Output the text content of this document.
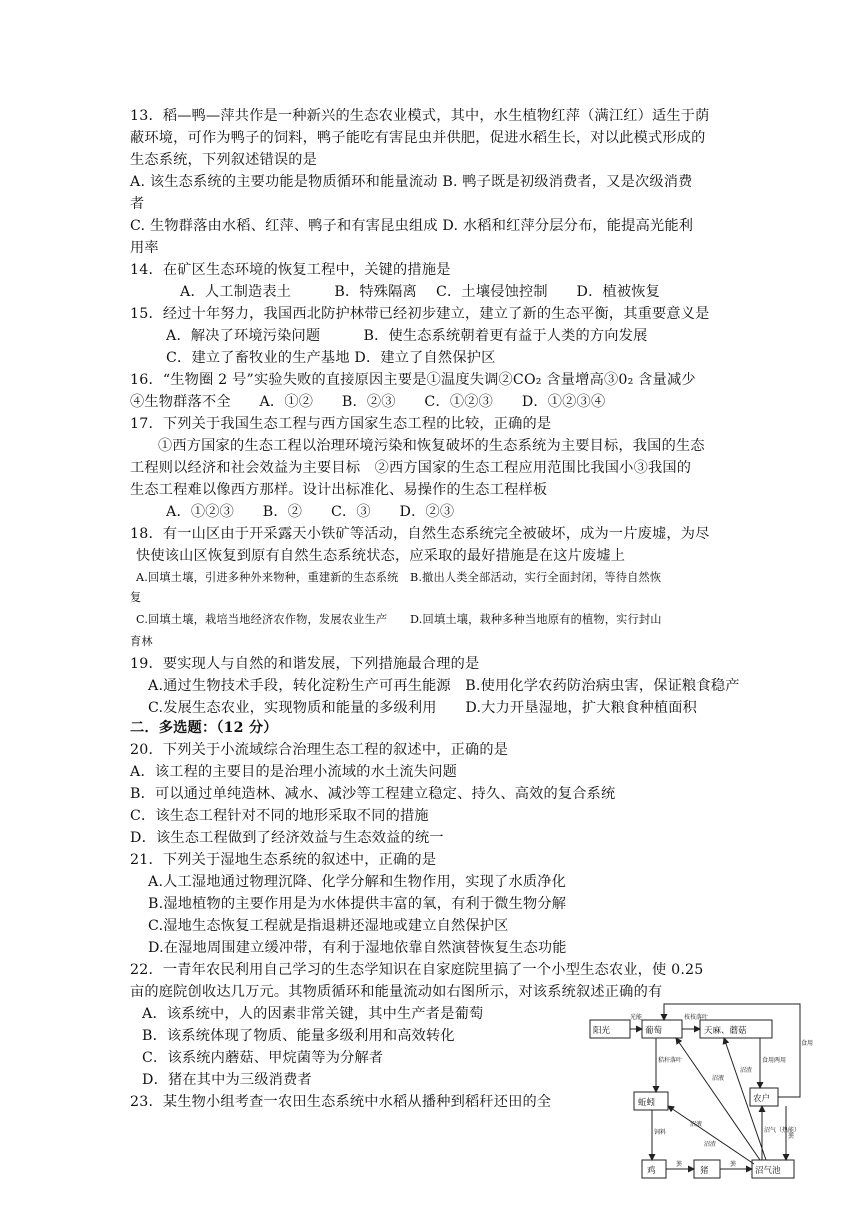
13．稻—鸭—萍共作是一种新兴的生态农业模式，其中，水生植物红萍（满江红）适生于荫
蔽环境，可作为鸭子的饲料，鸭子能吃有害昆虫并供肥，促进水稻生长，对以此模式形成的
生态系统，下列叙述错误的是
A. 该生态系统的主要功能是物质循环和能量流动 B. 鸭子既是初级消费者，又是次级消费
者
C. 生物群落由水稻、红萍、鸭子和有害昆虫组成 D. 水稻和红萍分层分布，能提高光能利
用率
14．在矿区生态环境的恢复工程中，关键的措施是
A．人工制造表土　　　B．特殊隔离　 C．土壤侵蚀控制　　D．植被恢复
15．经过十年努力，我国西北防护林带已经初步建立，建立了新的生态平衡，其重要意义是
A．解决了环境污染问题　　　B．使生态系统朝着更有益于人类的方向发展
C．建立了畜牧业的生产基地 D．建立了自然保护区
16．“生物圈 2 号”实验失败的直接原因主要是①温度失调②CO₂ 含量增高③0₂ 含量减少
④生物群落不全　　A．①②　　B．②③　　C．①②③　　D．①②③④
17．下列关于我国生态工程与西方国家生态工程的比较，正确的是
①西方国家的生态工程以治理环境污染和恢复破坏的生态系统为主要目标，我国的生态
工程则以经济和社会效益为主要目标　②西方国家的生态工程应用范围比我国小③我国的
生态工程难以像西方那样。设计出标准化、易操作的生态工程样板
A．①②③　　B．②　　C．③　　D．②③
18．有一山区由于开采露天小铁矿等活动，自然生态系统完全被破坏，成为一片废墟，为尽
快使该山区恢复到原有自然生态系统状态，应采取的最好措施是在这片废墟上
A.回填土壤，引进多种外来物种，重建新的生态系统　B.撤出人类全部活动，实行全面封闭，等待自然恢
复
C.回填土壤，栽培当地经济农作物，发展农业生产　　D.回填土壤，栽种多种当地原有的植物，实行封山
育林
19．要实现人与自然的和谐发展，下列措施最合理的是
A.通过生物技术手段，转化淀粉生产可再生能源　B.使用化学农药防治病虫害，保证粮食稳产
C.发展生态农业，实现物质和能量的多级利用　　D.大力开垦湿地，扩大粮食种植面积
二．多选题：（12 分）
20．下列关于小流域综合治理生态工程的叙述中，正确的是
A．该工程的主要目的是治理小流域的水土流失问题
B．可以通过单纯造林、减水、减沙等工程建立稳定、持久、高效的复合系统
C．该生态工程针对不同的地形采取不同的措施
D．该生态工程做到了经济效益与生态效益的统一
21．下列关于湿地生态系统的叙述中，正确的是
A.人工湿地通过物理沉降、化学分解和生物作用，实现了水质净化
B.湿地植物的主要作用是为水体提供丰富的氧，有利于微生物分解
C.湿地生态恢复工程就是指退耕还湿地或建立自然保护区
D.在湿地周围建立缓冲带，有利于湿地依靠自然演替恢复生态功能
22．一青年农民利用自己学习的生态学知识在自家庭院里搞了一个小型生态农业，使 0.25
亩的庭院创收达几万元。其物质循环和能量流动如右图所示，对该系统叙述正确的有
A．该系统中，人的因素非常关键，其中生产者是葡萄
B．该系统体现了物质、能量多级利用和高效转化
C．该系统内蘑菇、甲烷菌等为分解者
D．猪在其中为三级消费者
23．某生物小组考查一农田生态系统中水稻从播种到稻秆还田的全
阳光	葡萄	天麻、蘑菇
农户
蚯蚓
鸡	猪	沼气池
光能	枝枝落叶
食用两用
食用
秸秆落叶
饲料
粪	粪
粪
沼液
沼渣
沼液
沼渣
沼气（热能）
